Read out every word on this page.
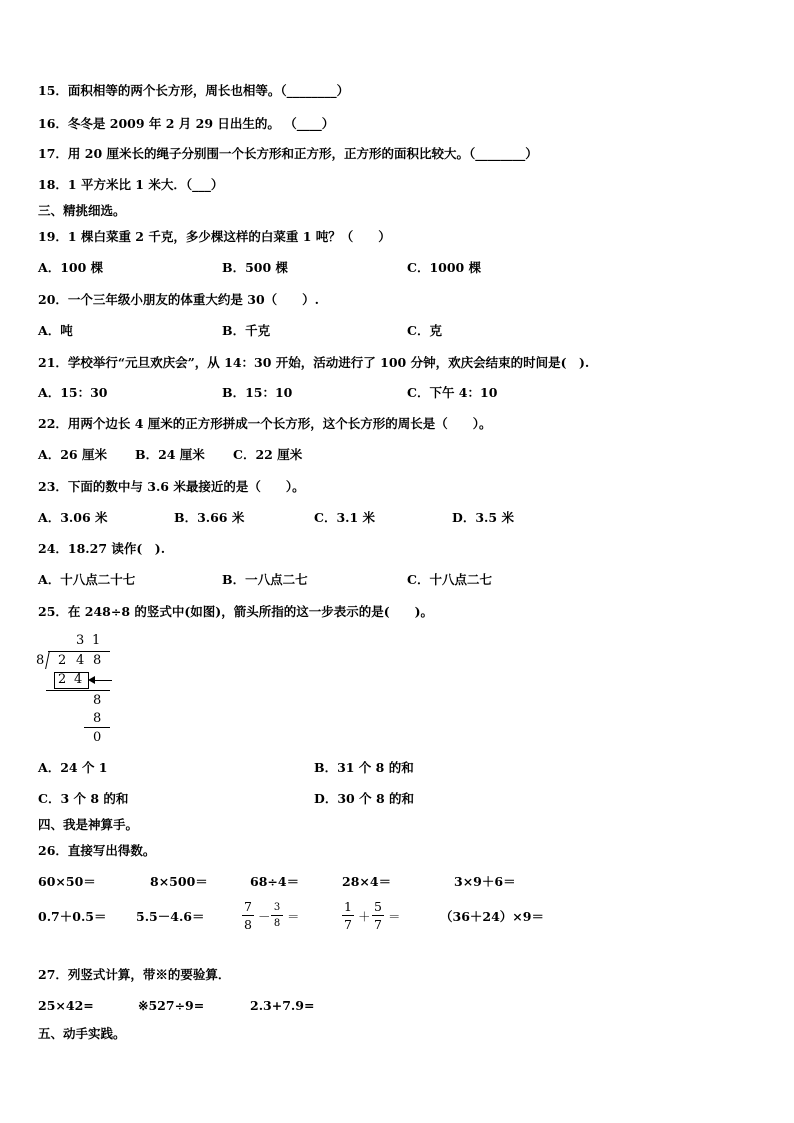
15．面积相等的两个长方形，周长也相等。（________）
16．冬冬是 2009 年 2 月 29 日出生的。 （____）
17．用 20 厘米长的绳子分别围一个长方形和正方形，正方形的面积比较大。（________）
18．1 平方米比 1 米大．（___）
三、精挑细选。
19．1 棵白菜重 2 千克，多少棵这样的白菜重 1 吨？（　　）
A．100 棵	B．500 棵	C．1000 棵
20．一个三年级小朋友的体重大约是 30（　　）.
A．吨	B．千克	C．克
21．学校举行“元旦欢庆会”，从 14：30 开始，活动进行了 100 分钟，欢庆会结束的时间是(　).
A．15：30	B．15：10	C．下午 4：10
22．用两个边长 4 厘米的正方形拼成一个长方形，这个长方形的周长是（　　）。
A．26 厘米 B．24 厘米 C．22 厘米
23．下面的数中与 3.6 米最接近的是（　　）。
A．3.06 米	B．3.66 米	C．3.1 米	D．3.5 米
24．18.27 读作(　).
A．十八点二十七	B．一八点二七	C．十八点二七
25．在 248÷8 的竖式中(如图)，箭头所指的这一步表示的是(　　)。
3 1
8 2 4 8
2 4
8
8
0
A．24 个 1	B．31 个 8 的和
C．3 个 8 的和	D．30 个 8 的和
四、我是神算手。
26．直接写出得数。
60×50＝	8×500＝	68÷4＝	28×4＝	3×9＋6＝
0.7＋0.5＝ 5.5－4.6＝
7
8
－
3
8 ＝
1
7
＋
5
7
＝	（36＋24）×9＝
27．列竖式计算，带※的要验算．
25×42=	※527÷9=	2.3+7.9=
五、动手实践。
